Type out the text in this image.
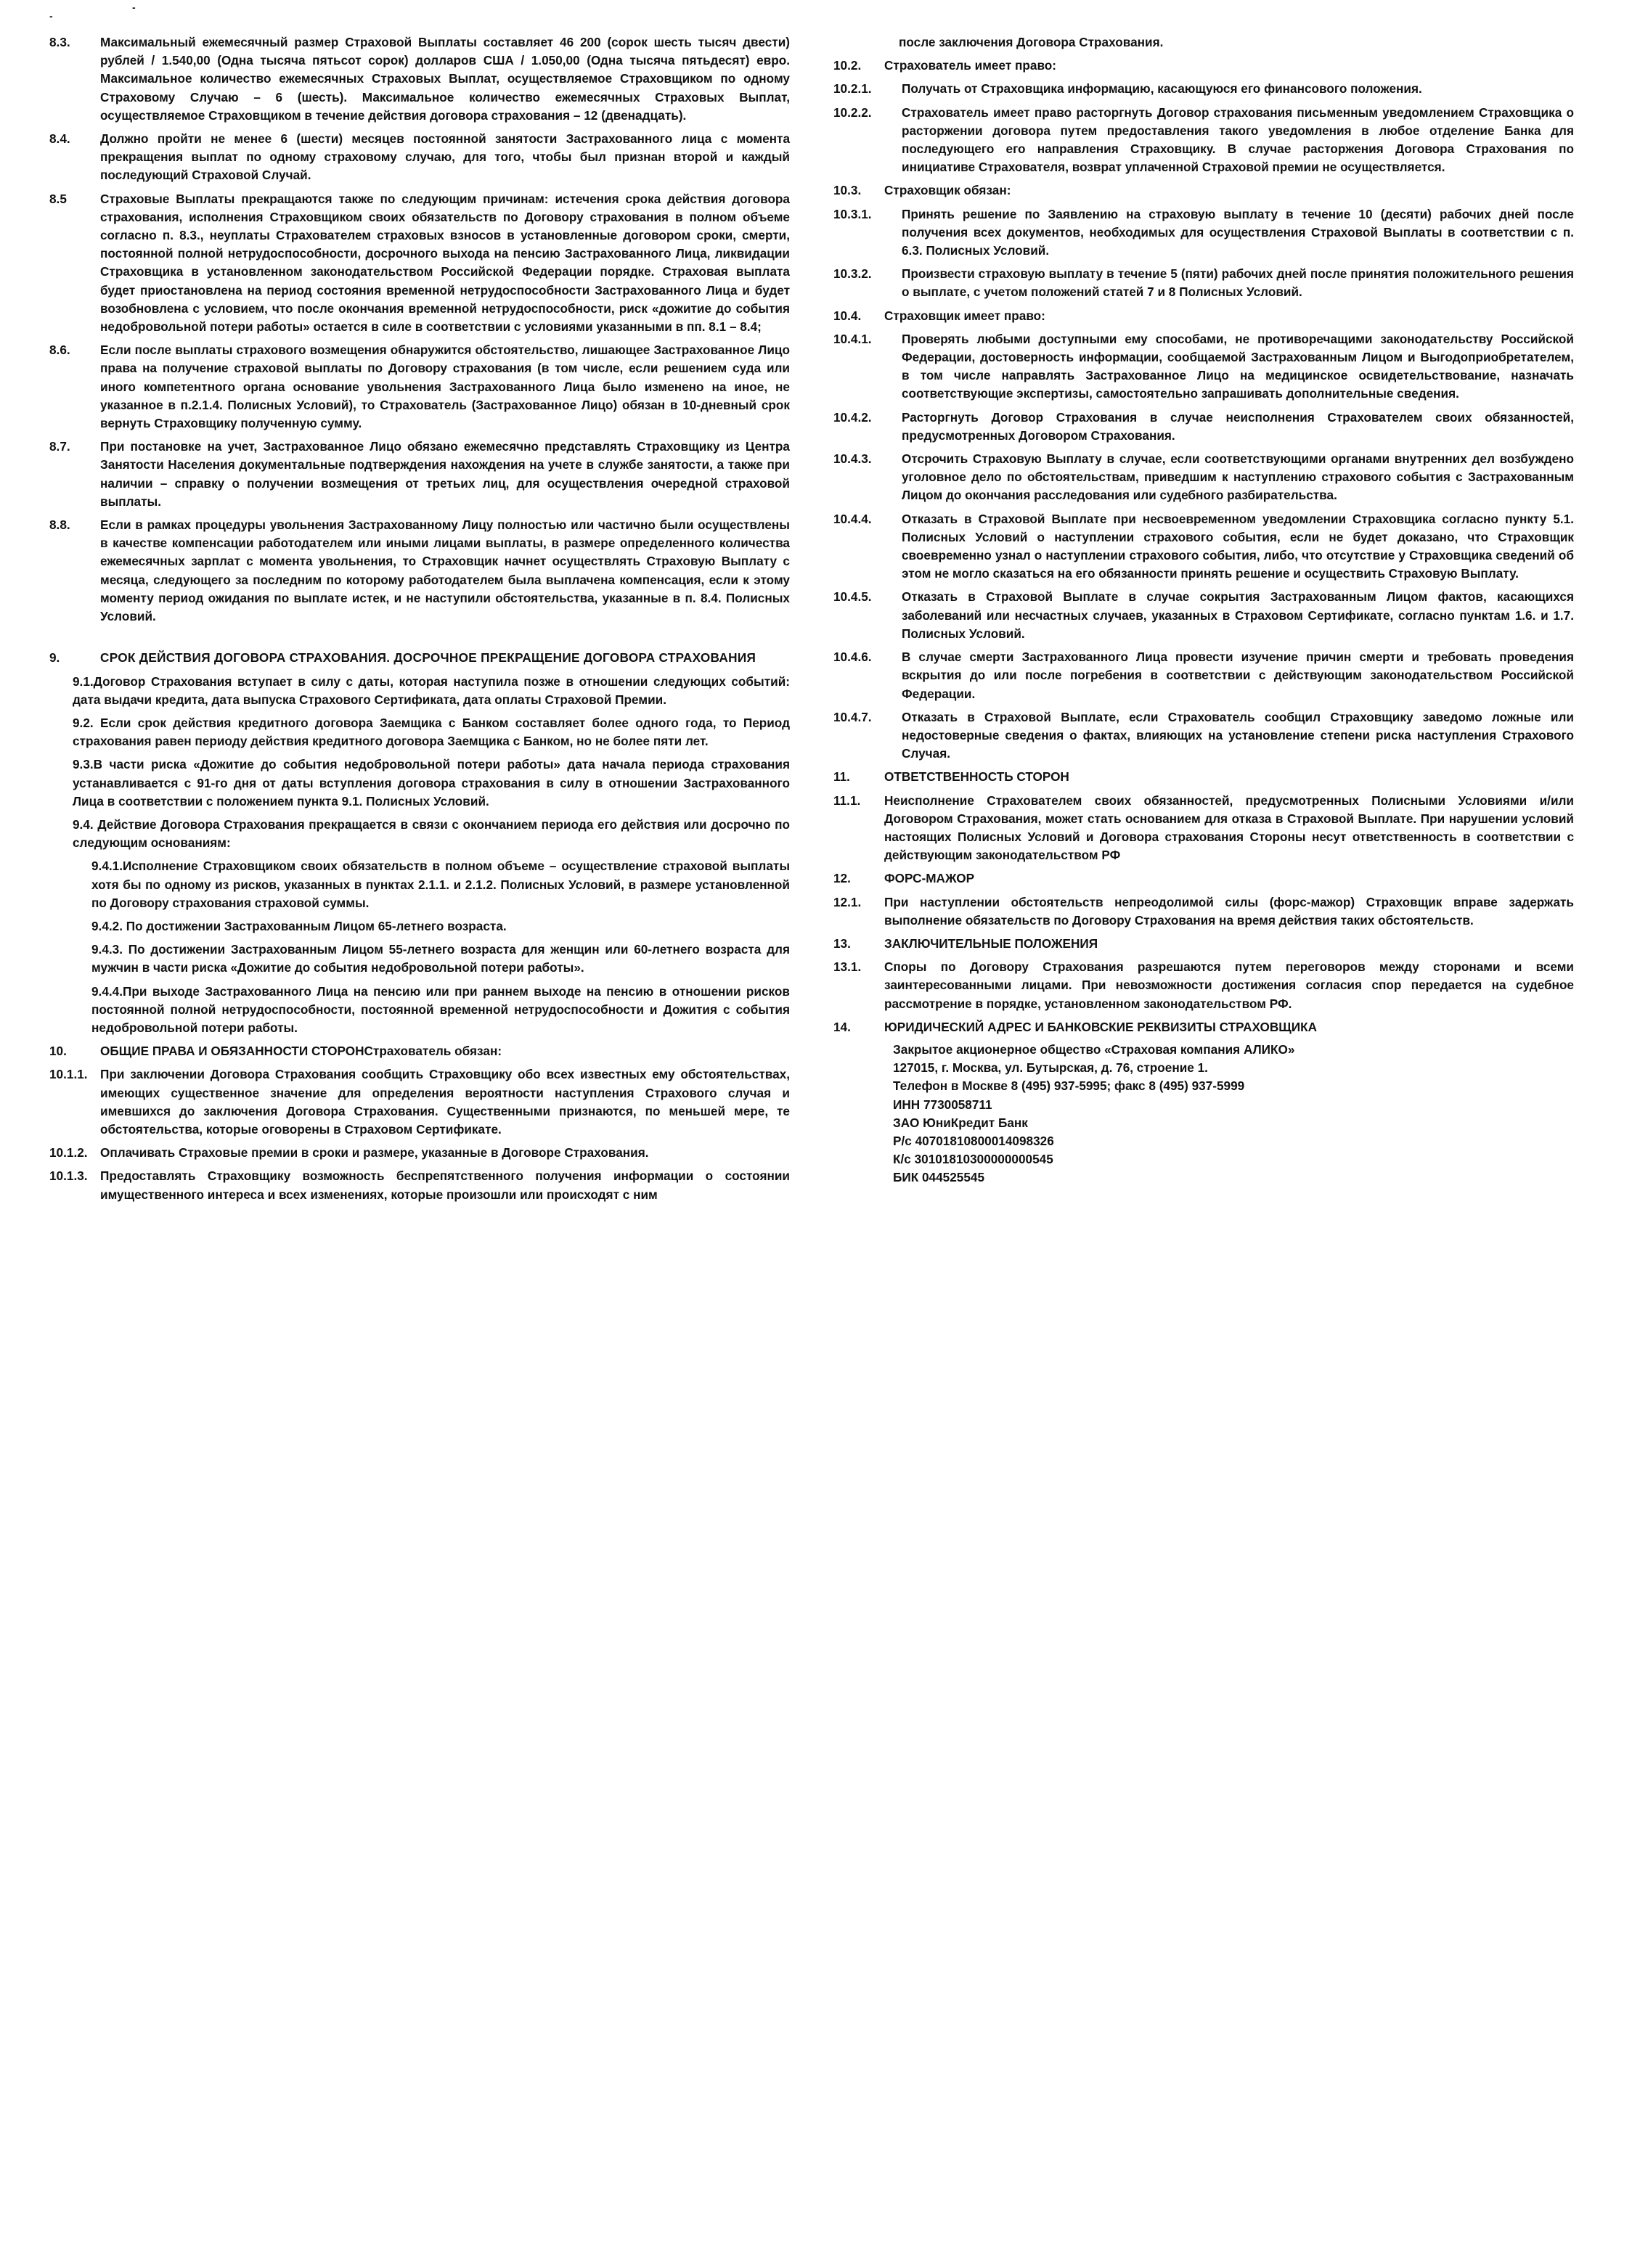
-
-
8.3.	Максимальный ежемесячный размер Страховой Выплаты составляет 46 200 (сорок шесть тысяч двести) рублей / 1.540,00 (Одна тысяча пятьсот сорок) долларов США / 1.050,00 (Одна тысяча пятьдесят) евро. Максимальное количество ежемесячных Страховых Выплат, осуществляемое Страховщиком по одному Страховому Случаю – 6 (шесть). Максимальное количество ежемесячных Страховых Выплат, осуществляемое Страховщиком в течение действия договора страхования – 12 (двенадцать).
8.4.	Должно пройти не менее 6 (шести) месяцев постоянной занятости Застрахованного лица с момента прекращения выплат по одному страховому случаю, для того, чтобы был признан второй и каждый последующий Страховой Случай.
8.5	Страховые Выплаты прекращаются также по следующим причинам: истечения срока действия договора страхования, исполнения Страховщиком своих обязательств по Договору страхования в полном объеме согласно п. 8.3., неуплаты Страхователем страховых взносов в установленные договором сроки, смерти, постоянной полной нетрудоспособности, досрочного выхода на пенсию Застрахованного Лица, ликвидации Страховщика в установленном законодательством Российской Федерации порядке. Страховая выплата будет приостановлена на период состояния временной нетрудоспособности Застрахованного Лица и будет возобновлена с условием, что после окончания временной нетрудоспособности, риск «дожитие до события недобровольной потери работы» остается в силе в соответствии с условиями указанными в пп. 8.1 – 8.4;
8.6.	Если после выплаты страхового возмещения обнаружится обстоятельство, лишающее Застрахованное Лицо права на получение страховой выплаты по Договору страхования (в том числе, если решением суда или иного компетентного органа основание увольнения Застрахованного Лица было изменено на иное, не указанное в п.2.1.4. Полисных Условий), то Страхователь (Застрахованное Лицо) обязан в 10-дневный срок вернуть Страховщику полученную сумму.
8.7.	При постановке на учет, Застрахованное Лицо обязано ежемесячно представлять Страховщику из Центра Занятости Населения документальные подтверждения нахождения на учете в службе занятости, а также при наличии – справку о получении возмещения от третьих лиц, для осуществления очередной страховой выплаты.
8.8.	Если в рамках процедуры увольнения Застрахованному Лицу полностью или частично были осуществлены в качестве компенсации работодателем или иными лицами выплаты, в размере определенного количества ежемесячных зарплат с момента увольнения, то Страховщик начнет осуществлять Страховую Выплату с месяца, следующего за последним по которому работодателем была выплачена компенсация, если к этому моменту период ожидания по выплате истек, и не наступили обстоятельства, указанные в п. 8.4. Полисных Условий.
9.	СРОК ДЕЙСТВИЯ ДОГОВОРА СТРАХОВАНИЯ. ДОСРОЧНОЕ ПРЕКРАЩЕНИЕ ДОГОВОРА СТРАХОВАНИЯ
9.1.Договор Страхования вступает в силу с даты, которая наступила позже в отношении следующих событий: дата выдачи кредита, дата выпуска Страхового Сертификата, дата оплаты Страховой Премии.
9.2. Если срок действия кредитного договора Заемщика с Банком составляет более одного года, то Период страхования равен периоду действия кредитного договора Заемщика с Банком, но не более пяти лет.
9.3.В части риска «Дожитие до события недобровольной потери работы» дата начала периода страхования устанавливается с 91-го дня от даты вступления договора страхования в силу в отношении Застрахованного Лица в соответствии с положением пункта 9.1. Полисных Условий.
9.4. Действие Договора Страхования прекращается в связи с окончанием периода его действия или досрочно по следующим основаниям:
9.4.1.Исполнение Страховщиком своих обязательств в полном объеме – осуществление страховой выплаты хотя бы по одному из рисков, указанных в пунктах 2.1.1. и 2.1.2. Полисных Условий, в размере установленной по Договору страхования страховой суммы.
9.4.2. По достижении Застрахованным Лицом 65-летнего возраста.
9.4.3. По достижении Застрахованным Лицом 55-летнего возраста для женщин или 60-летнего возраста для мужчин в части риска «Дожитие до события недобровольной потери работы».
9.4.4.При выходе Застрахованного Лица на пенсию или при раннем выходе на пенсию в отношении рисков постоянной полной нетрудоспособности, постоянной временной нетрудоспособности и Дожития с события недобровольной потери работы.
10.	ОБЩИЕ ПРАВА И ОБЯЗАННОСТИ СТОРОНСтрахователь обязан:
10.1.1.	При заключении Договора Страхования сообщить Страховщику обо всех известных ему обстоятельствах, имеющих существенное значение для определения вероятности наступления Страхового случая и имевшихся до заключения Договора Страхования. Существенными признаются, по меньшей мере, те обстоятельства, которые оговорены в Страховом Сертификате.
10.1.2.	Оплачивать Страховые премии в сроки и размере, указанные в Договоре Страхования.
10.1.3.	Предоставлять Страховщику возможность беспрепятственного получения информации о состоянии имущественного интереса и всех изменениях, которые произошли или происходят с ним
после заключения Договора Страхования.
10.2.	Страхователь имеет право:
10.2.1.	Получать от Страховщика информацию, касающуюся его финансового положения.
10.2.2.	Страхователь имеет право расторгнуть Договор страхования письменным уведомлением Страховщика о расторжении договора путем предоставления такого уведомления в любое отделение Банка для последующего его направления Страховщику. В случае расторжения Договора Страхования по инициативе Страхователя, возврат уплаченной Страховой премии не осуществляется.
10.3.	Страховщик обязан:
10.3.1.	Принять решение по Заявлению на страховую выплату в течение 10 (десяти) рабочих дней после получения всех документов, необходимых для осуществления Страховой Выплаты в соответствии с п. 6.3. Полисных Условий.
10.3.2.	Произвести страховую выплату в течение 5 (пяти) рабочих дней после принятия положительного решения о выплате, с учетом положений статей 7 и 8 Полисных Условий.
10.4.	Страховщик имеет право:
10.4.1.	Проверять любыми доступными ему способами, не противоречащими законодательству Российской Федерации, достоверность информации, сообщаемой Застрахованным Лицом и Выгодоприобретателем, в том числе направлять Застрахованное Лицо на медицинское освидетельствование, назначать соответствующие экспертизы, самостоятельно запрашивать дополнительные сведения.
10.4.2.	Расторгнуть Договор Страхования в случае неисполнения Страхователем своих обязанностей, предусмотренных Договором Страхования.
10.4.3.	Отсрочить Страховую Выплату в случае, если соответствующими органами внутренних дел возбуждено уголовное дело по обстоятельствам, приведшим к наступлению страхового события с Застрахованным Лицом до окончания расследования или судебного разбирательства.
10.4.4.	Отказать в Страховой Выплате при несвоевременном уведомлении Страховщика согласно пункту 5.1. Полисных Условий о наступлении страхового события, если не будет доказано, что Страховщик своевременно узнал о наступлении страхового события, либо, что отсутствие у Страховщика сведений об этом не могло сказаться на его обязанности принять решение и осуществить Страховую Выплату.
10.4.5.	Отказать в Страховой Выплате в случае сокрытия Застрахованным Лицом фактов, касающихся заболеваний или несчастных случаев, указанных в Страховом Сертификате, согласно пунктам 1.6. и 1.7. Полисных Условий.
10.4.6.	В случае смерти Застрахованного Лица провести изучение причин смерти и требовать проведения вскрытия до или после погребения в соответствии с действующим законодательством Российской Федерации.
10.4.7.	Отказать в Страховой Выплате, если Страхователь сообщил Страховщику заведомо ложные или недостоверные сведения о фактах, влияющих на установление степени риска наступления Страхового Случая.
11.	ОТВЕТСТВЕННОСТЬ СТОРОН
11.1.	Неисполнение Страхователем своих обязанностей, предусмотренных Полисными Условиями и/или Договором Страхования, может стать основанием для отказа в Страховой Выплате. При нарушении условий настоящих Полисных Условий и Договора страхования Стороны несут ответственность в соответствии с действующим законодательством РФ
12.	ФОРС-МАЖОР
12.1.	При наступлении обстоятельств непреодолимой силы (форс-мажор) Страховщик вправе задержать выполнение обязательств по Договору Страхования на время действия таких обстоятельств.
13.	ЗАКЛЮЧИТЕЛЬНЫЕ ПОЛОЖЕНИЯ
13.1.	Споры по Договору Страхования разрешаются путем переговоров между сторонами и всеми заинтересованными лицами. При невозможности достижения согласия спор передается на судебное рассмотрение в порядке, установленном законодательством РФ.
14.	ЮРИДИЧЕСКИЙ АДРЕС И БАНКОВСКИЕ РЕКВИЗИТЫ СТРАХОВЩИКА
Закрытое акционерное общество «Страховая компания АЛИКО»
127015, г. Москва, ул. Бутырская, д. 76, строение 1.
Телефон в Москве 8 (495) 937-5995; факс 8 (495) 937-5999
ИНН 7730058711
ЗАО ЮниКредит Банк
Р/с 40701810800014098326
К/с 30101810300000000545
БИК 044525545
